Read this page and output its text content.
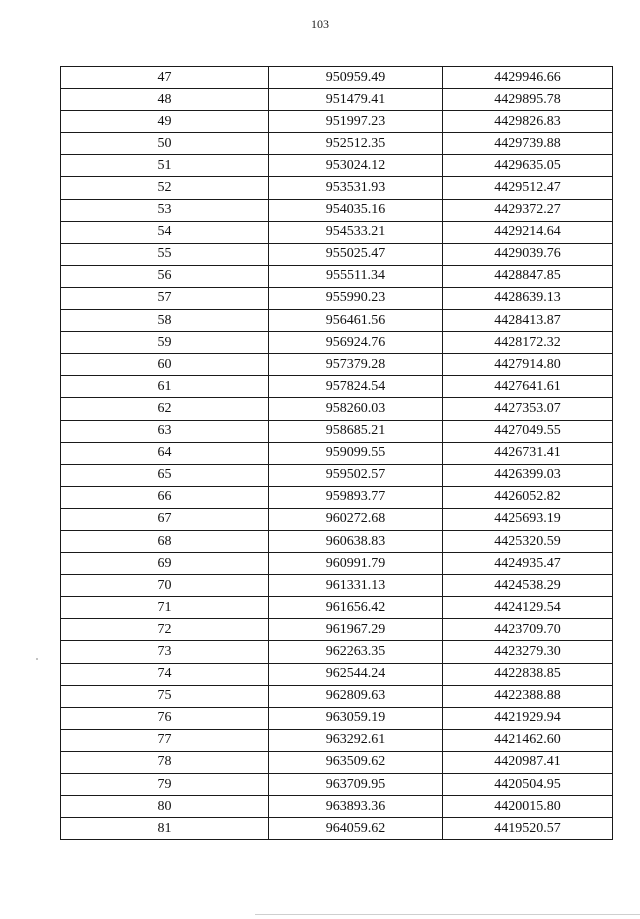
103
47	950959.49	4429946.66
48	951479.41	4429895.78
49	951997.23	4429826.83
50	952512.35	4429739.88
51	953024.12	4429635.05
52	953531.93	4429512.47
53	954035.16	4429372.27
54	954533.21	4429214.64
55	955025.47	4429039.76
56	955511.34	4428847.85
57	955990.23	4428639.13
58	956461.56	4428413.87
59	956924.76	4428172.32
60	957379.28	4427914.80
61	957824.54	4427641.61
62	958260.03	4427353.07
63	958685.21	4427049.55
64	959099.55	4426731.41
65	959502.57	4426399.03
66	959893.77	4426052.82
67	960272.68	4425693.19
68	960638.83	4425320.59
69	960991.79	4424935.47
70	961331.13	4424538.29
71	961656.42	4424129.54
72	961967.29	4423709.70
73	962263.35	4423279.30
74	962544.24	4422838.85
75	962809.63	4422388.88
76	963059.19	4421929.94
77	963292.61	4421462.60
78	963509.62	4420987.41
79	963709.95	4420504.95
80	963893.36	4420015.80
81	964059.62	4419520.57
